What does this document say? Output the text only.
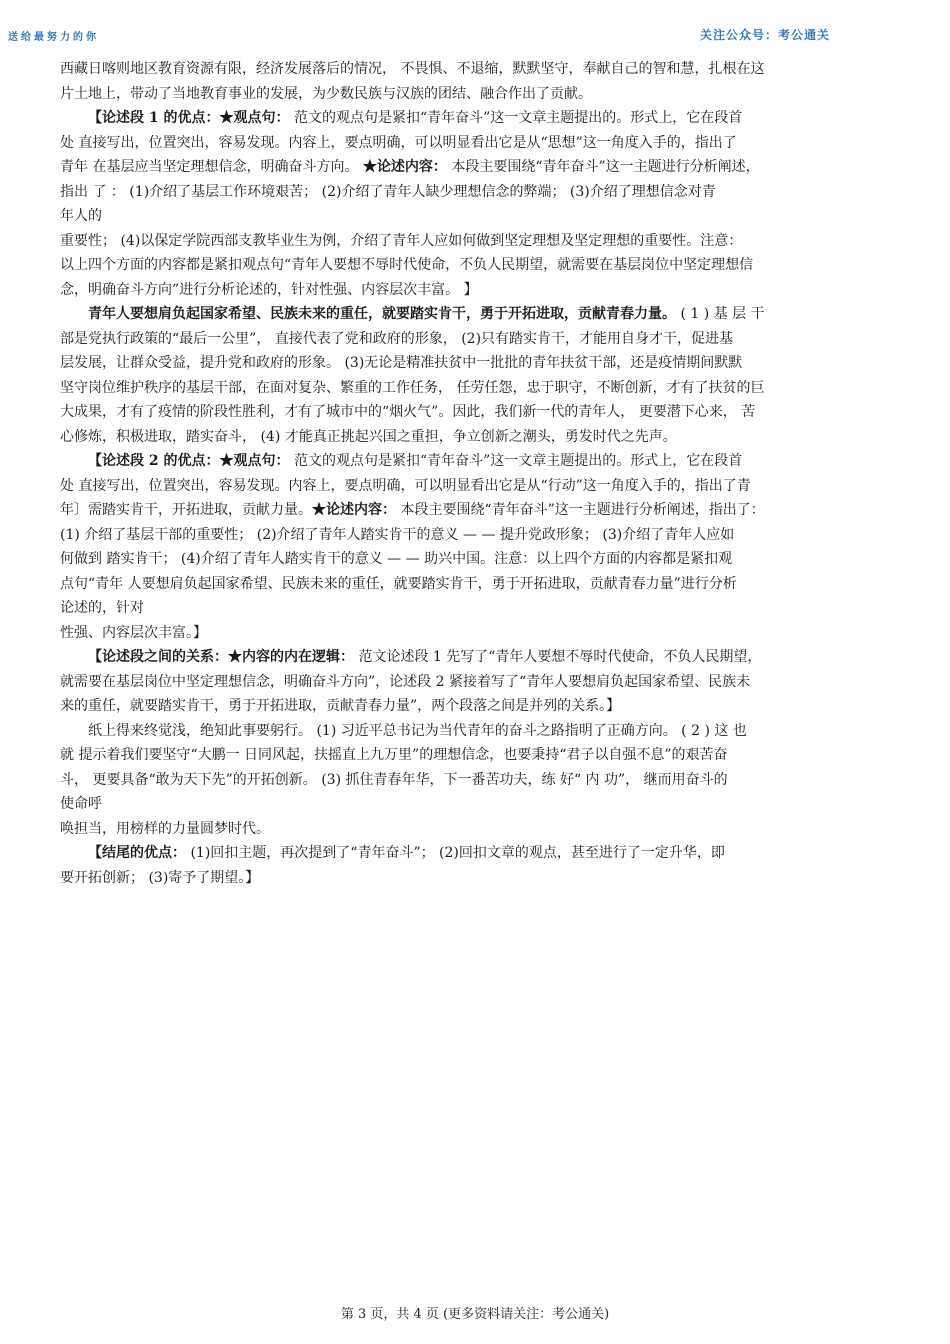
送给最努力的你	关注公众号：考公通关
西藏日喀则地区教育资源有限，经济发展落后的情况， 不畏惧、不退缩，默默坚守，奉献自己的智和慧，扎根在这
片土地上，带动了当地教育事业的发展，为少数民族与汉族的团结、融合作出了贡献。
【论述段 1 的优点：★观点句： 范文的观点句是紧扣“青年奋斗”这一文章主题提出的。形式上，它在段首
处 直接写出，位置突出，容易发现。内容上，要点明确，可以明显看出它是从“思想”这一角度入手的，指出了
青年 在基层应当坚定理想信念，明确奋斗方向。 ★论述内容： 本段主要围绕“青年奋斗”这一主题进行分析阐述，
指出 了 ： (1)介绍了基层工作环境艰苦； (2)介绍了青年人缺少理想信念的弊端； (3)介绍了理想信念对青
年人的
重要性； (4)以保定学院西部支教毕业生为例，介绍了青年人应如何做到坚定理想及坚定理想的重要性。注意：
以上四个方面的内容都是紧扣观点句“青年人要想不辱时代使命，不负人民期望，就需要在基层岗位中坚定理想信
念，明确奋斗方向”进行分析论述的，针对性强、内容层次丰富。 】
青年人要想肩负起国家希望、民族未来的重任，就要踏实肯干，勇于开拓进取，贡献青春力量。 ( 1 ) 基 层 干
部是党执行政策的“最后一公里”， 直接代表了党和政府的形象， (2)只有踏实肯干，才能用自身才干，促进基
层发展，让群众受益，提升党和政府的形象。 (3)无论是精准扶贫中一批批的青年扶贫干部，还是疫情期间默默
坚守岗位维护秩序的基层干部，在面对复杂、繁重的工作任务， 任劳任怨，忠于职守，不断创新，才有了扶贫的巨
大成果，才有了疫情的阶段性胜利，才有了城市中的“烟火气”。因此，我们新一代的青年人， 更要潜下心来， 苦
心修炼，积极进取，踏实奋斗， (4) 才能真正挑起兴国之重担，争立创新之潮头，勇发时代之先声。
【论述段 2 的优点：★观点句： 范文的观点句是紧扣“青年奋斗”这一文章主题提出的。形式上，它在段首
处 直接写出，位置突出，容易发现。内容上，要点明确，可以明显看出它是从“行动”这一角度入手的，指出了青
年〕需踏实肯干，开拓进取，贡献力量。★论述内容： 本段主要围绕“青年奋斗”这一主题进行分析阐述，指出了：
(1) 介绍了基层干部的重要性； (2)介绍了青年人踏实肯干的意义 — — 提升党政形象； (3)介绍了青年人应如
何做到 踏实肯干； (4)介绍了青年人踏实肯干的意义 — — 助兴中国。注意：以上四个方面的内容都是紧扣观
点句“青年 人要想肩负起国家希望、民族未来的重任，就要踏实肯干，勇于开拓进取，贡献青春力量”进行分析
论述的，针对
性强、内容层次丰富。】
【论述段之间的关系：★内容的内在逻辑： 范文论述段 1 先写了“青年人要想不辱时代使命，不负人民期望，
就需要在基层岗位中坚定理想信念，明确奋斗方向”，论述段 2 紧接着写了“青年人要想肩负起国家希望、民族未
来的重任，就要踏实肯干，勇于开拓进取，贡献青春力量”，两个段落之间是并列的关系。】
纸上得来终觉浅，绝知此事要躬行。 (1) 习近平总书记为当代青年的奋斗之路指明了正确方向。 ( 2 ) 这 也
就 提示着我们要坚守“大鹏一 日同风起，扶摇直上九万里”的理想信念，也要秉持“君子以自强不息”的艰苦奋
斗， 更要具备“敢为天下先”的开拓创新。 (3) 抓住青春年华，下一番苦功夫，练 好“ 内 功”， 继而用奋斗的
使命呼
唤担当，用榜样的力量圆梦时代。
【结尾的优点： (1)回扣主题，再次提到了“青年奋斗”； (2)回扣文章的观点，甚至进行了一定升华，即
要开拓创新； (3)寄予了期望。】
第 3 页，共 4 页 (更多资料请关注：考公通关)
